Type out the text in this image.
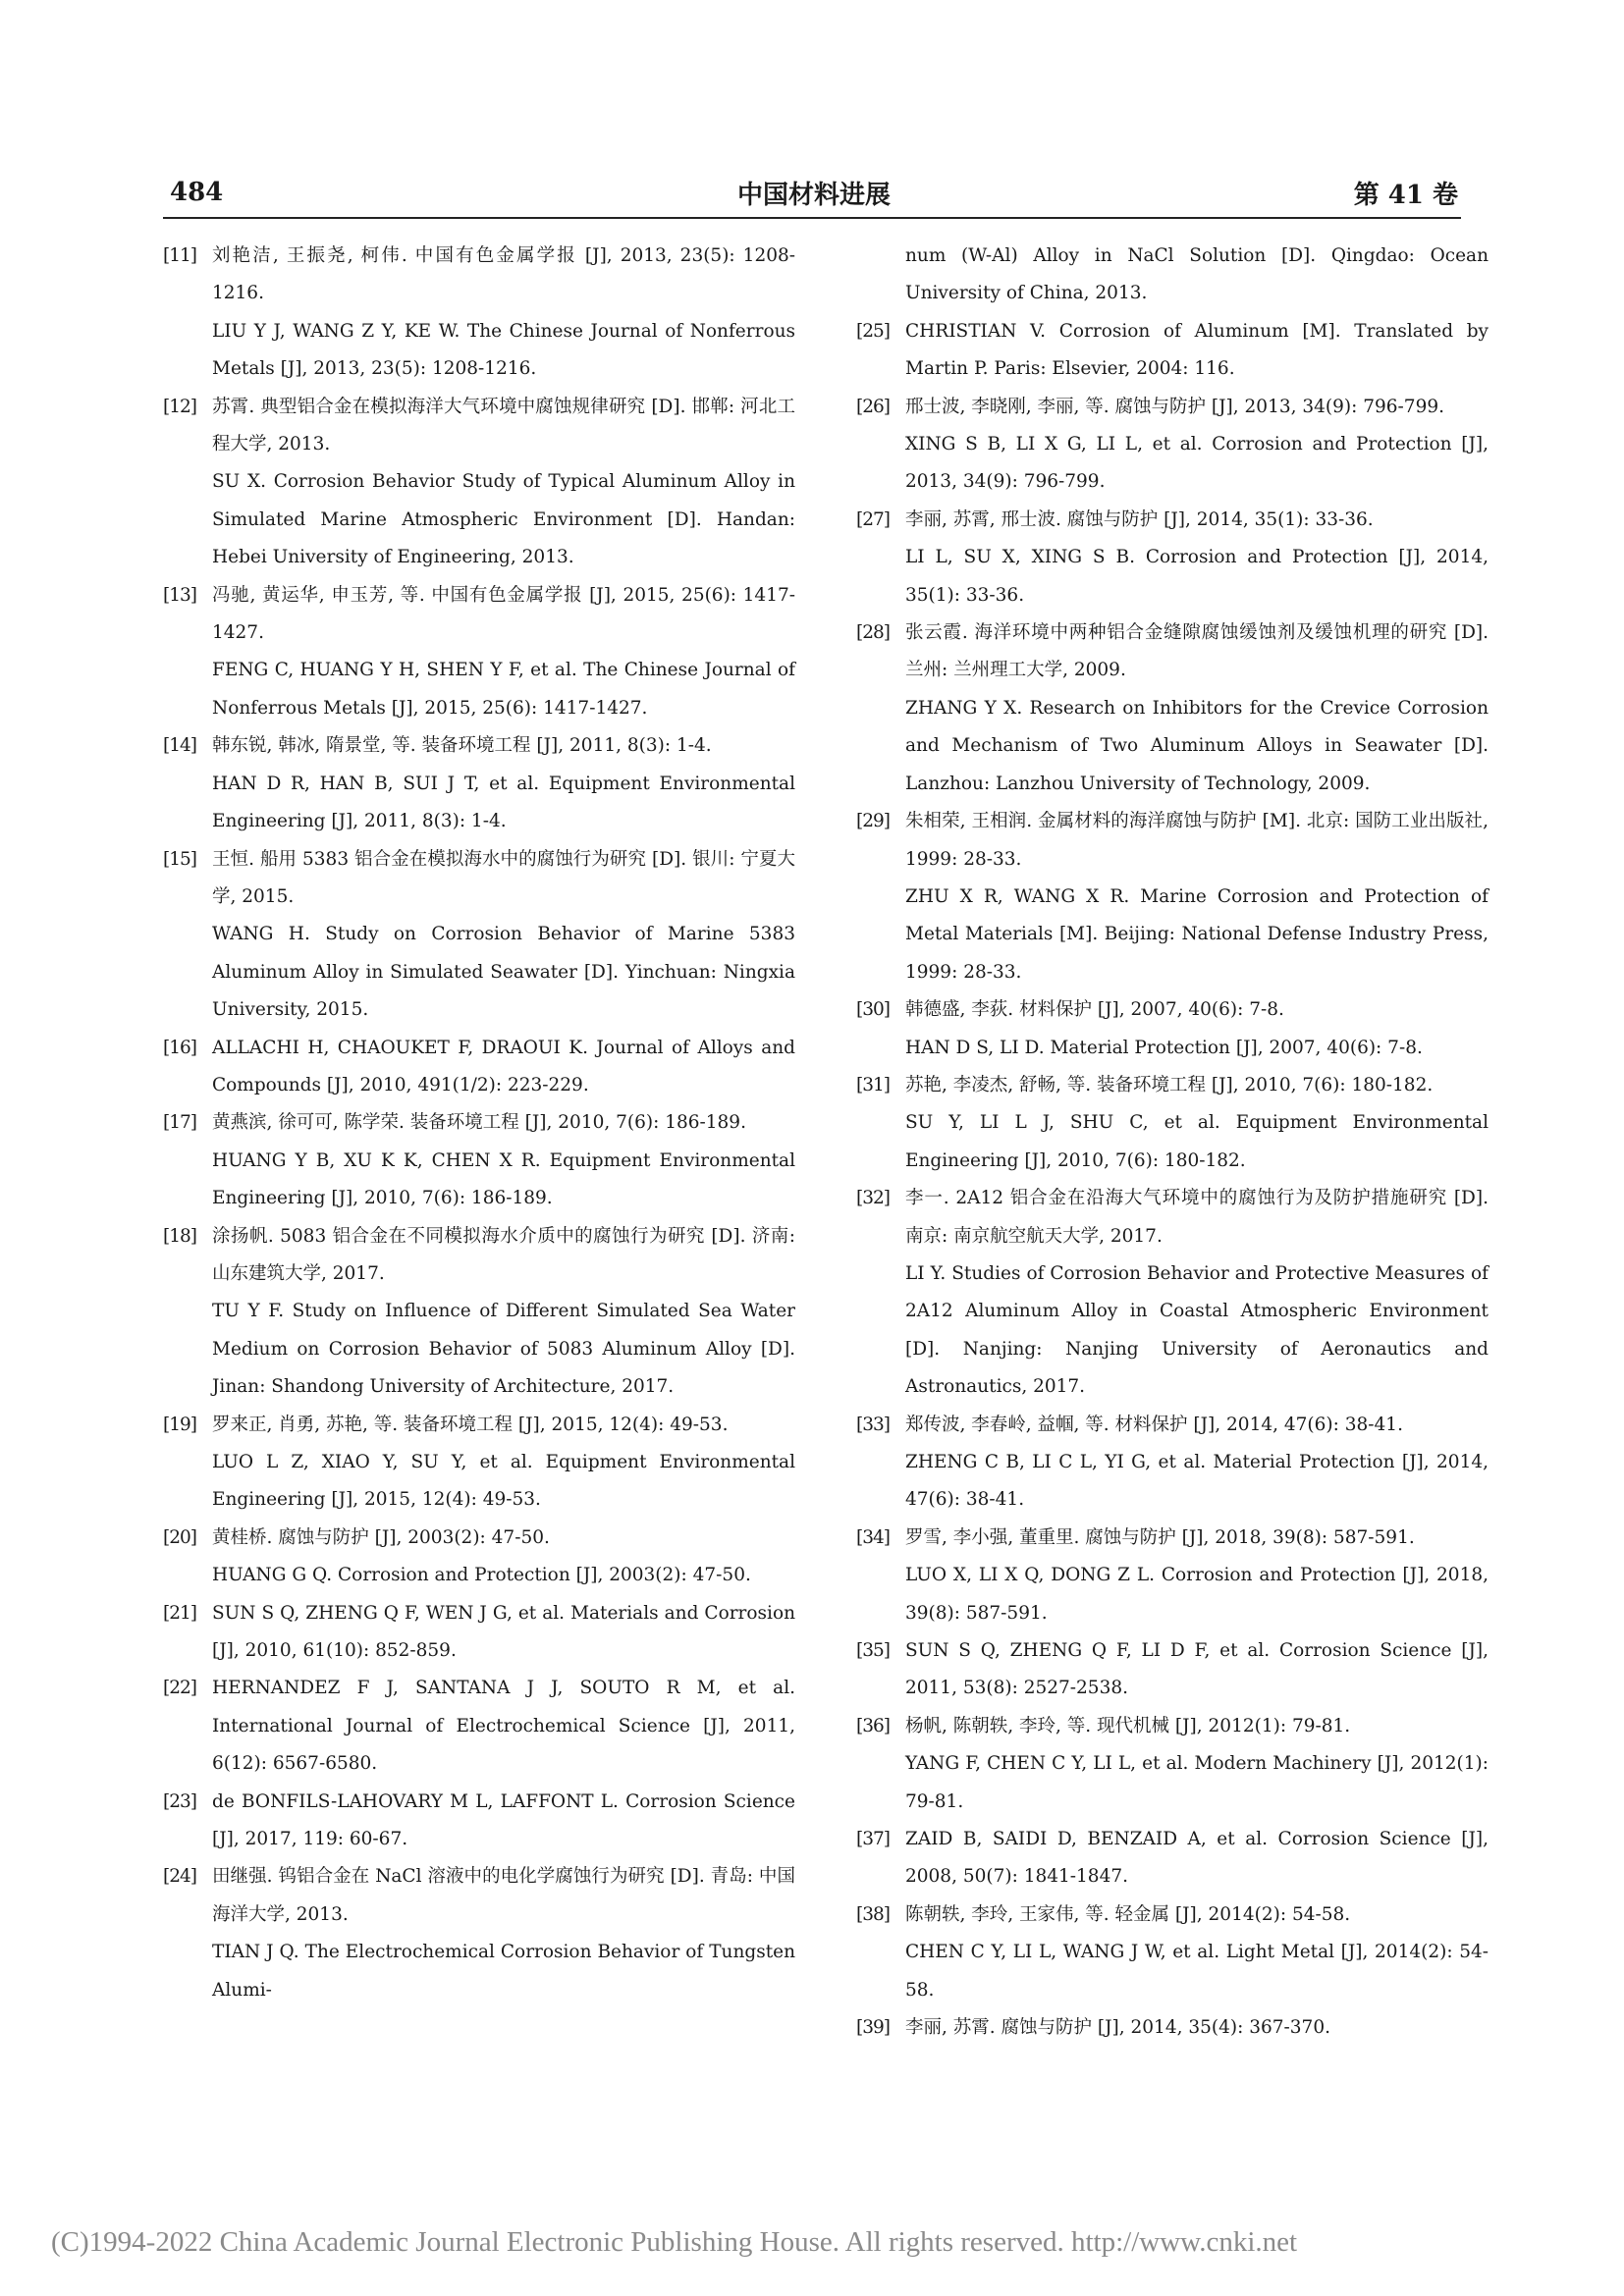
484	中国材料进展	第 41 卷
[11] 刘艳洁, 王振尧, 柯伟. 中国有色金属学报 [J], 2013, 23(5): 1208-1216.

LIU Y J, WANG Z Y, KE W. The Chinese Journal of Nonferrous Metals [J], 2013, 23(5): 1208-1216.

[12] 苏霄. 典型铝合金在模拟海洋大气环境中腐蚀规律研究 [D]. 邯郸: 河北工程大学, 2013.

SU X. Corrosion Behavior Study of Typical Aluminum Alloy in Simulated Marine Atmospheric Environment [D]. Handan: Hebei University of Engineering, 2013.

[13] 冯驰, 黄运华, 申玉芳, 等. 中国有色金属学报 [J], 2015, 25(6): 1417-1427.

FENG C, HUANG Y H, SHEN Y F, et al. The Chinese Journal of Nonferrous Metals [J], 2015, 25(6): 1417-1427.

[14] 韩东锐, 韩冰, 隋景堂, 等. 装备环境工程 [J], 2011, 8(3): 1-4.

HAN D R, HAN B, SUI J T, et al. Equipment Environmental Engineering [J], 2011, 8(3): 1-4.

[15] 王恒. 船用 5383 铝合金在模拟海水中的腐蚀行为研究 [D]. 银川: 宁夏大学, 2015.

WANG H. Study on Corrosion Behavior of Marine 5383 Aluminum Alloy in Simulated Seawater [D]. Yinchuan: Ningxia University, 2015.

[16] ALLACHI H, CHAOUKET F, DRAOUI K. Journal of Alloys and Compounds [J], 2010, 491(1/2): 223-229.

[17] 黄燕滨, 徐可可, 陈学荣. 装备环境工程 [J], 2010, 7(6): 186-189.

HUANG Y B, XU K K, CHEN X R. Equipment Environmental Engineering [J], 2010, 7(6): 186-189.

[18] 涂扬帆. 5083 铝合金在不同模拟海水介质中的腐蚀行为研究 [D]. 济南: 山东建筑大学, 2017.

TU Y F. Study on Influence of Different Simulated Sea Water Medium on Corrosion Behavior of 5083 Aluminum Alloy [D]. Jinan: Shandong University of Architecture, 2017.

[19] 罗来正, 肖勇, 苏艳, 等. 装备环境工程 [J], 2015, 12(4): 49-53.

LUO L Z, XIAO Y, SU Y, et al. Equipment Environmental Engineering [J], 2015, 12(4): 49-53.

[20] 黄桂桥. 腐蚀与防护 [J], 2003(2): 47-50.

HUANG G Q. Corrosion and Protection [J], 2003(2): 47-50.

[21] SUN S Q, ZHENG Q F, WEN J G, et al. Materials and Corrosion [J], 2010, 61(10): 852-859.

[22] HERNANDEZ F J, SANTANA J J, SOUTO R M, et al. International Journal of Electrochemical Science [J], 2011, 6(12): 6567-6580.

[23] de BONFILS-LAHOVARY M L, LAFFONT L. Corrosion Science [J], 2017, 119: 60-67.

[24] 田继强. 钨铝合金在 NaCl 溶液中的电化学腐蚀行为研究 [D]. 青岛: 中国海洋大学, 2013.

TIAN J Q. The Electrochemical Corrosion Behavior of Tungsten Alumi-

num (W-Al) Alloy in NaCl Solution [D]. Qingdao: Ocean University of China, 2013.
[25] CHRISTIAN V. Corrosion of Aluminum [M]. Translated by Martin P. Paris: Elsevier, 2004: 116.

[26] 邢士波, 李晓刚, 李丽, 等. 腐蚀与防护 [J], 2013, 34(9): 796-799.

XING S B, LI X G, LI L, et al. Corrosion and Protection [J], 2013, 34(9): 796-799.

[27] 李丽, 苏霄, 邢士波. 腐蚀与防护 [J], 2014, 35(1): 33-36.

LI L, SU X, XING S B. Corrosion and Protection [J], 2014, 35(1): 33-36.

[28] 张云霞. 海洋环境中两种铝合金缝隙腐蚀缓蚀剂及缓蚀机理的研究 [D]. 兰州: 兰州理工大学, 2009.

ZHANG Y X. Research on Inhibitors for the Crevice Corrosion and Mechanism of Two Aluminum Alloys in Seawater [D]. Lanzhou: Lanzhou University of Technology, 2009.

[29] 朱相荣, 王相润. 金属材料的海洋腐蚀与防护 [M]. 北京: 国防工业出版社, 1999: 28-33.

ZHU X R, WANG X R. Marine Corrosion and Protection of Metal Materials [M]. Beijing: National Defense Industry Press, 1999: 28-33.

[30] 韩德盛, 李荻. 材料保护 [J], 2007, 40(6): 7-8.

HAN D S, LI D. Material Protection [J], 2007, 40(6): 7-8.

[31] 苏艳, 李凌杰, 舒畅, 等. 装备环境工程 [J], 2010, 7(6): 180-182.

SU Y, LI L J, SHU C, et al. Equipment Environmental Engineering [J], 2010, 7(6): 180-182.

[32] 李一. 2A12 铝合金在沿海大气环境中的腐蚀行为及防护措施研究 [D]. 南京: 南京航空航天大学, 2017.

LI Y. Studies of Corrosion Behavior and Protective Measures of 2A12 Aluminum Alloy in Coastal Atmospheric Environment [D]. Nanjing: Nanjing University of Aeronautics and Astronautics, 2017.

[33] 郑传波, 李春岭, 益帼, 等. 材料保护 [J], 2014, 47(6): 38-41.

ZHENG C B, LI C L, YI G, et al. Material Protection [J], 2014, 47(6): 38-41.

[34] 罗雪, 李小强, 董重里. 腐蚀与防护 [J], 2018, 39(8): 587-591.

LUO X, LI X Q, DONG Z L. Corrosion and Protection [J], 2018, 39(8): 587-591.

[35] SUN S Q, ZHENG Q F, LI D F, et al. Corrosion Science [J], 2011, 53(8): 2527-2538.

[36] 杨帆, 陈朝轶, 李玲, 等. 现代机械 [J], 2012(1): 79-81.

YANG F, CHEN C Y, LI L, et al. Modern Machinery [J], 2012(1): 79-81.

[37] ZAID B, SAIDI D, BENZAID A, et al. Corrosion Science [J], 2008, 50(7): 1841-1847.

[38] 陈朝轶, 李玲, 王家伟, 等. 轻金属 [J], 2014(2): 54-58.

CHEN C Y, LI L, WANG J W, et al. Light Metal [J], 2014(2): 54-58.

[39] 李丽, 苏霄. 腐蚀与防护 [J], 2014, 35(4): 367-370.

(C)1994-2022 China Academic Journal Electronic Publishing House. All rights reserved. http://www.cnki.net
